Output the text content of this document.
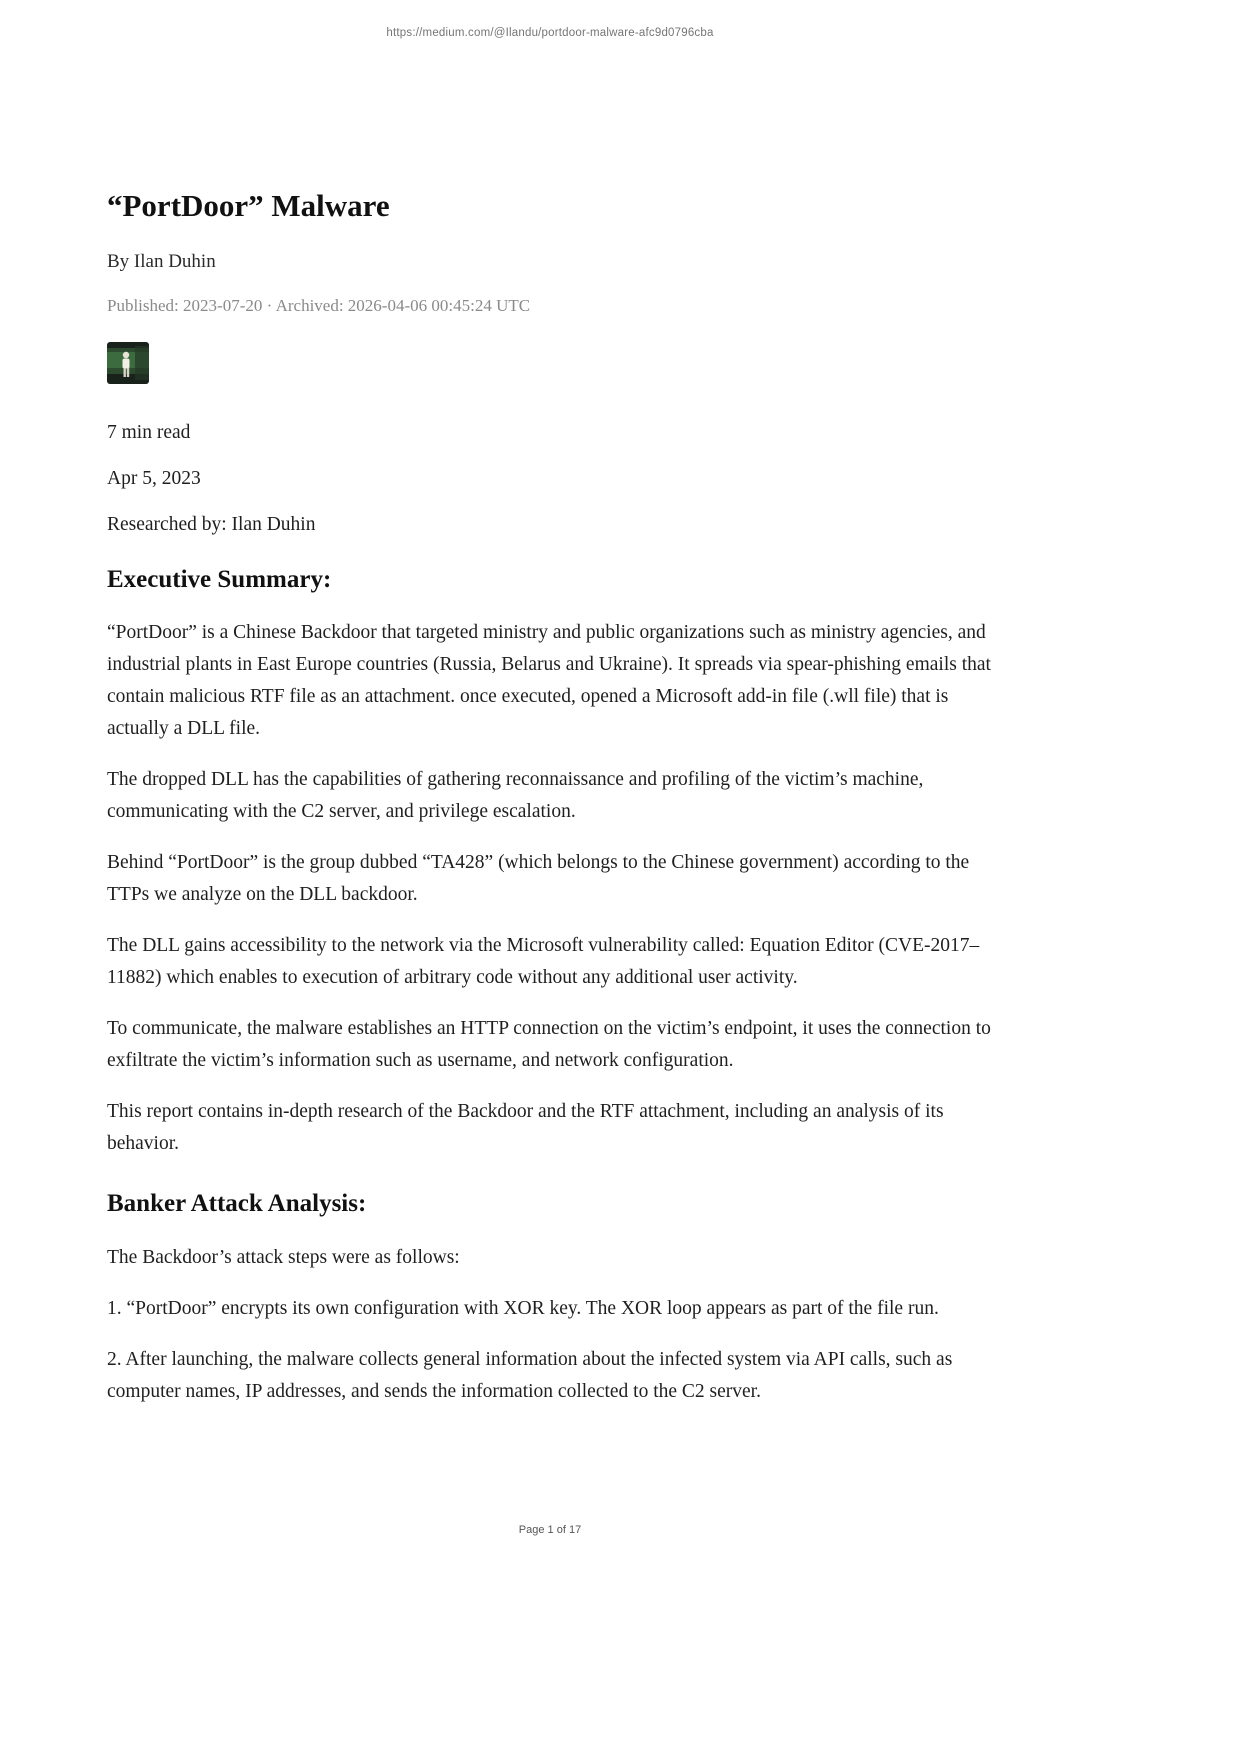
https://medium.com/@Ilandu/portdoor-malware-afc9d0796cba
“PortDoor” Malware

By Ilan Duhin

Published: 2023-07-20 · Archived: 2026-04-06 00:45:24 UTC

7 min read

Apr 5, 2023

Researched by: Ilan Duhin

Executive Summary:

“PortDoor” is a Chinese Backdoor that targeted ministry and public organizations such as ministry agencies, and industrial plants in East Europe countries (Russia, Belarus and Ukraine). It spreads via spear-phishing emails that contain malicious RTF file as an attachment. once executed, opened a Microsoft add-in file (.wll file) that is actually a DLL file.

The dropped DLL has the capabilities of gathering reconnaissance and profiling of the victim’s machine, communicating with the C2 server, and privilege escalation.

Behind “PortDoor” is the group dubbed “TA428” (which belongs to the Chinese government) according to the TTPs we analyze on the DLL backdoor.

The DLL gains accessibility to the network via the Microsoft vulnerability called: Equation Editor (CVE-2017–11882) which enables to execution of arbitrary code without any additional user activity.

To communicate, the malware establishes an HTTP connection on the victim’s endpoint, it uses the connection to exfiltrate the victim’s information such as username, and network configuration.

This report contains in-depth research of the Backdoor and the RTF attachment, including an analysis of its behavior.

Banker Attack Analysis:

The Backdoor’s attack steps were as follows:

1. “PortDoor” encrypts its own configuration with XOR key. The XOR loop appears as part of the file run.

2. After launching, the malware collects general information about the infected system via API calls, such as computer names, IP addresses, and sends the information collected to the C2 server.

Page 1 of 17
